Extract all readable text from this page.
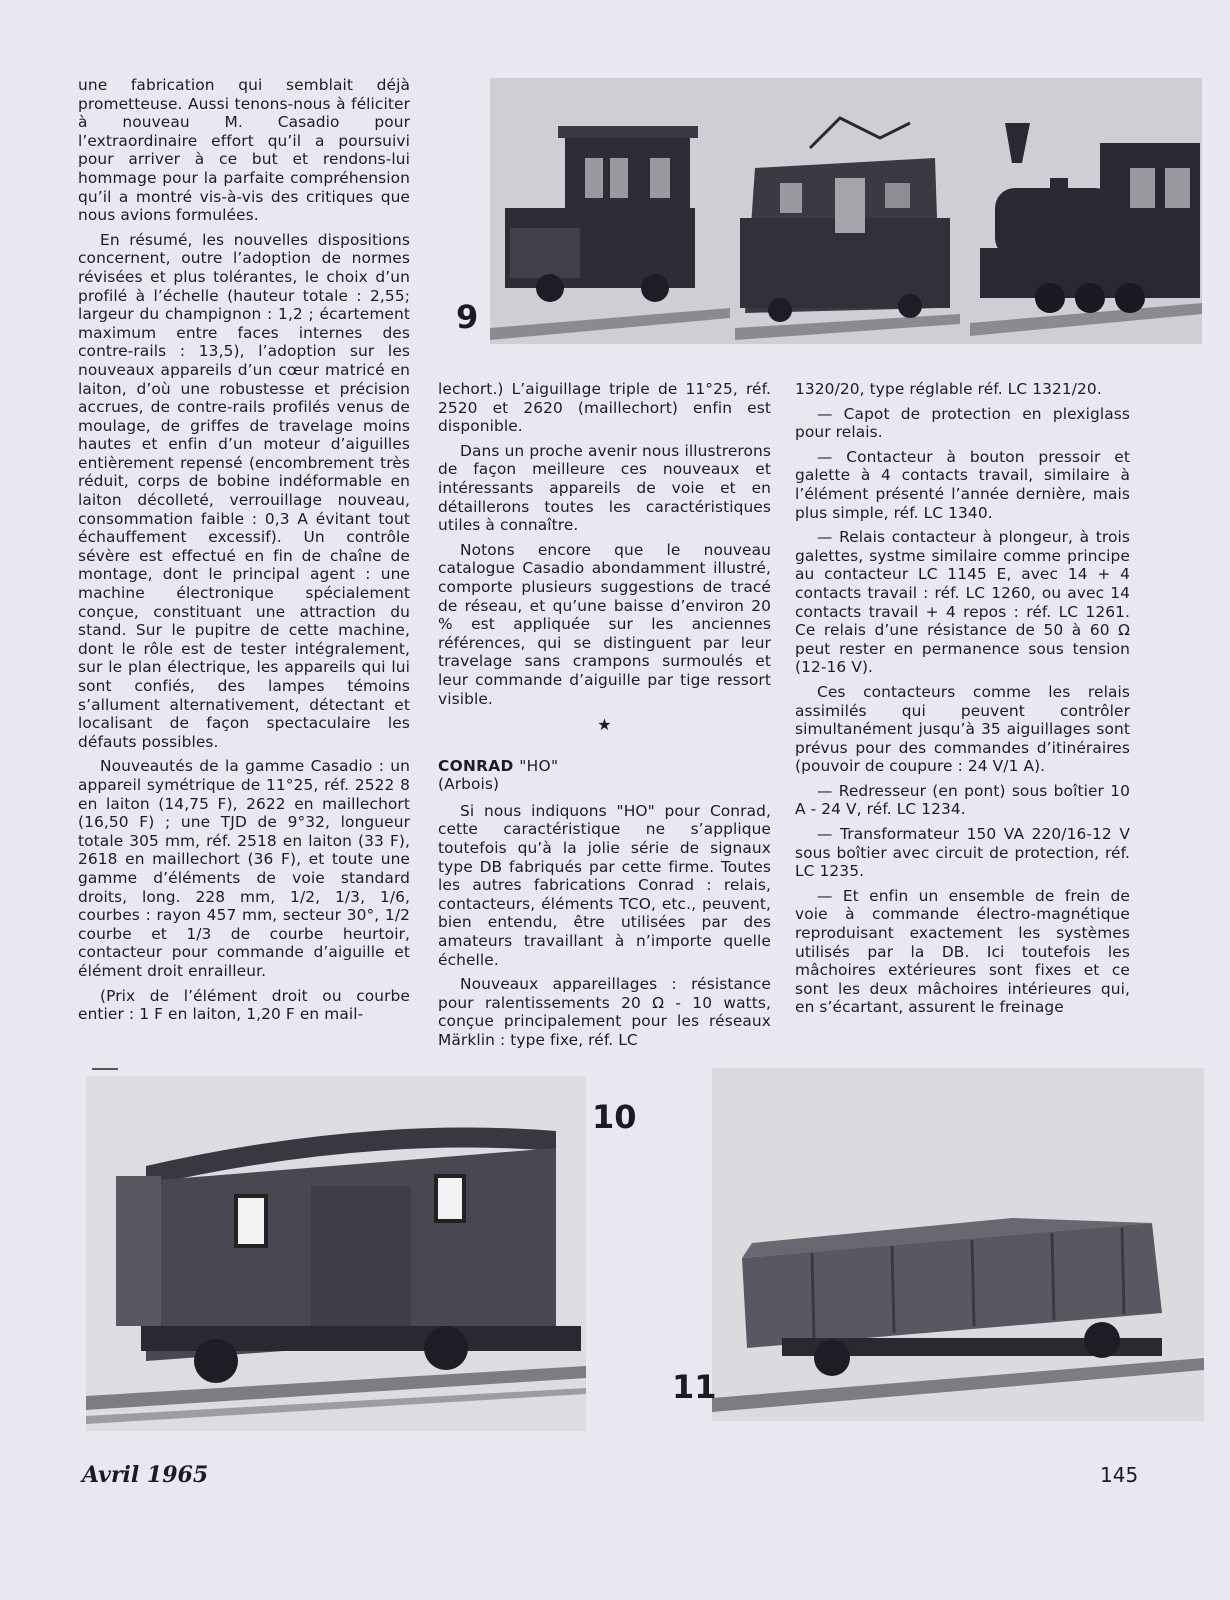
9

une fabrication qui semblait déjà prometteuse. Aussi tenons-nous à féliciter à nouveau M. Casadio pour l’extraordinaire effort qu’il a poursuivi pour arriver à ce but et rendons-lui hommage pour la parfaite compréhension qu’il a montré vis-à-vis des critiques que nous avions formulées.

En résumé, les nouvelles dispositions concernent, outre l’adoption de normes révisées et plus tolérantes, le choix d’un profilé à l’échelle (hauteur totale : 2,55; largeur du champignon : 1,2 ; écartement maximum entre faces internes des contre-rails : 13,5), l’adoption sur les nouveaux appareils d’un cœur matricé en laiton, d’où une robustesse et précision accrues, de contre-rails profilés venus de moulage, de griffes de travelage moins hautes et enfin d’un moteur d’aiguilles entièrement repensé (encombrement très réduit, corps de bobine indéformable en laiton décolleté, verrouillage nouveau, consommation faible : 0,3 A évitant tout échauffement excessif). Un contrôle sévère est effectué en fin de chaîne de montage, dont le principal agent : une machine électronique spécialement conçue, constituant une attraction du stand. Sur le pupitre de cette machine, dont le rôle est de tester intégralement, sur le plan électrique, les appareils qui lui sont confiés, des lampes témoins s’allument alternativement, détectant et localisant de façon spectaculaire les défauts possibles.

Nouveautés de la gamme Casadio : un appareil symétrique de 11°25, réf. 2522 8 en laiton (14,75 F), 2622 en maillechort (16,50 F) ; une TJD de 9°32, longueur totale 305 mm, réf. 2518 en laiton (33 F), 2618 en maillechort (36 F), et toute une gamme d’éléments de voie standard droits, long. 228 mm, 1/2, 1/3, 1/6, courbes : rayon 457 mm, secteur 30°, 1/2 courbe et 1/3 de courbe heurtoir, contacteur pour commande d’aiguille et élément droit enrailleur.

(Prix de l’élément droit ou courbe entier : 1 F en laiton, 1,20 F en mail-

lechort.) L’aiguillage triple de 11°25, réf. 2520 et 2620 (maillechort) enfin est disponible.

Dans un proche avenir nous illustrerons de façon meilleure ces nouveaux et intéressants appareils de voie et en détaillerons toutes les caractéristiques utiles à connaître.

Notons encore que le nouveau catalogue Casadio abondamment illustré, comporte plusieurs suggestions de tracé de réseau, et qu’une baisse d’environ 20 % est appliquée sur les anciennes références, qui se distinguent par leur travelage sans crampons surmoulés et leur commande d’aiguille par tige ressort visible.

★

CONRAD "HO"

(Arbois)

Si nous indiquons "HO" pour Conrad, cette caractéristique ne s’applique toutefois qu’à la jolie série de signaux type DB fabriqués par cette firme. Toutes les autres fabrications Conrad : relais, contacteurs, éléments TCO, etc., peuvent, bien entendu, être utilisées par des amateurs travaillant à n’importe quelle échelle.

Nouveaux appareillages : résistance pour ralentissements 20 Ω - 10 watts, conçue principalement pour les réseaux Märklin : type fixe, réf. LC

1320/20, type réglable réf. LC 1321/20.

— Capot de protection en plexiglass pour relais.

— Contacteur à bouton pressoir et galette à 4 contacts travail, similaire à l’élément présenté l’année dernière, mais plus simple, réf. LC 1340.

— Relais contacteur à plongeur, à trois galettes, systme similaire comme principe au contacteur LC 1145 E, avec 14 + 4 contacts travail : réf. LC 1260, ou avec 14 contacts travail + 4 repos : réf. LC 1261. Ce relais d’une résistance de 50 à 60 Ω peut rester en permanence sous tension (12-16 V).

Ces contacteurs comme les relais assimilés qui peuvent contrôler simultanément jusqu’à 35 aiguillages sont prévus pour des commandes d’itinéraires (pouvoir de coupure : 24 V/1 A).

— Redresseur (en pont) sous boîtier 10 A - 24 V, réf. LC 1234.

— Transformateur 150 VA 220/16-12 V sous boîtier avec circuit de protection, réf. LC 1235.

— Et enfin un ensemble de frein de voie à commande électro-magnétique reproduisant exactement les systèmes utilisés par la DB. Ici toutefois les mâchoires extérieures sont fixes et ce sont les deux mâchoires intérieures qui, en s’écartant, assurent le freinage

10
11
Avril 1965	145
